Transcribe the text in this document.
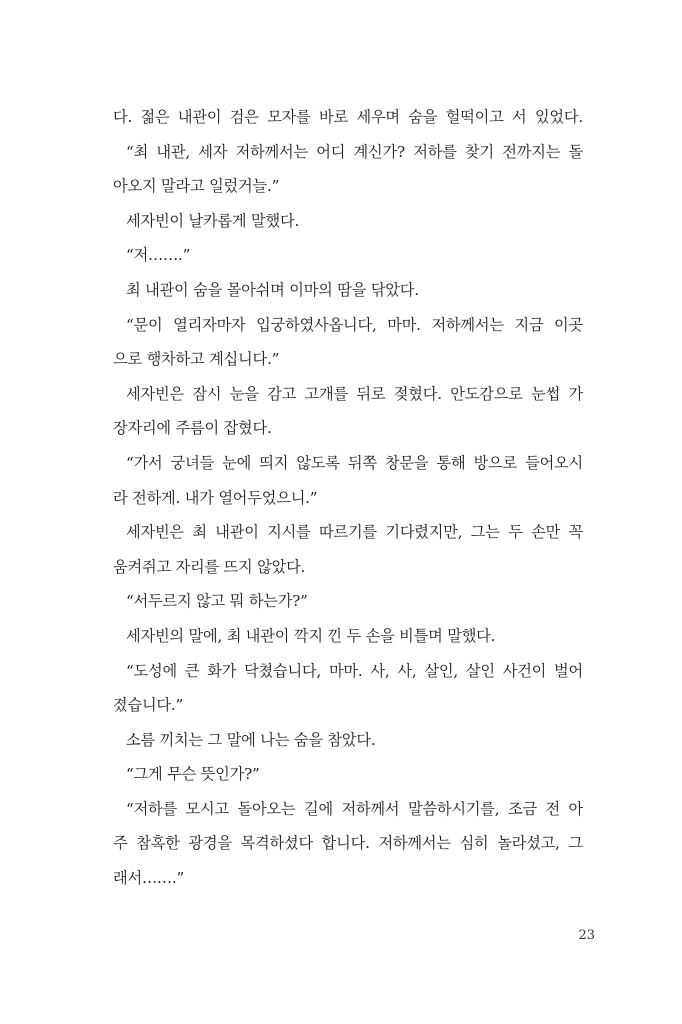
다. 젊은 내관이 검은 모자를 바로 세우며 숨을 헐떡이고 서 있었다.
“최 내관, 세자 저하께서는 어디 계신가? 저하를 찾기 전까지는 돌
아오지 말라고 일렀거늘.”
세자빈이 날카롭게 말했다.
“저…….”
최 내관이 숨을 몰아쉬며 이마의 땀을 닦았다.
“문이 열리자마자 입궁하였사옵니다, 마마. 저하께서는 지금 이곳
으로 행차하고 계십니다.”
세자빈은 잠시 눈을 감고 고개를 뒤로 젖혔다. 안도감으로 눈썹 가
장자리에 주름이 잡혔다.
“가서 궁녀들 눈에 띄지 않도록 뒤쪽 창문을 통해 방으로 들어오시
라 전하게. 내가 열어두었으니.”
세자빈은 최 내관이 지시를 따르기를 기다렸지만, 그는 두 손만 꼭
움켜쥐고 자리를 뜨지 않았다.
“서두르지 않고 뭐 하는가?”
세자빈의 말에, 최 내관이 깍지 낀 두 손을 비틀며 말했다.
“도성에 큰 화가 닥쳤습니다, 마마. 사, 사, 살인, 살인 사건이 벌어
졌습니다.”
소름 끼치는 그 말에 나는 숨을 참았다.
“그게 무슨 뜻인가?”
“저하를 모시고 돌아오는 길에 저하께서 말씀하시기를, 조금 전 아
주 참혹한 광경을 목격하셨다 합니다. 저하께서는 심히 놀라셨고, 그
래서…….”
23
